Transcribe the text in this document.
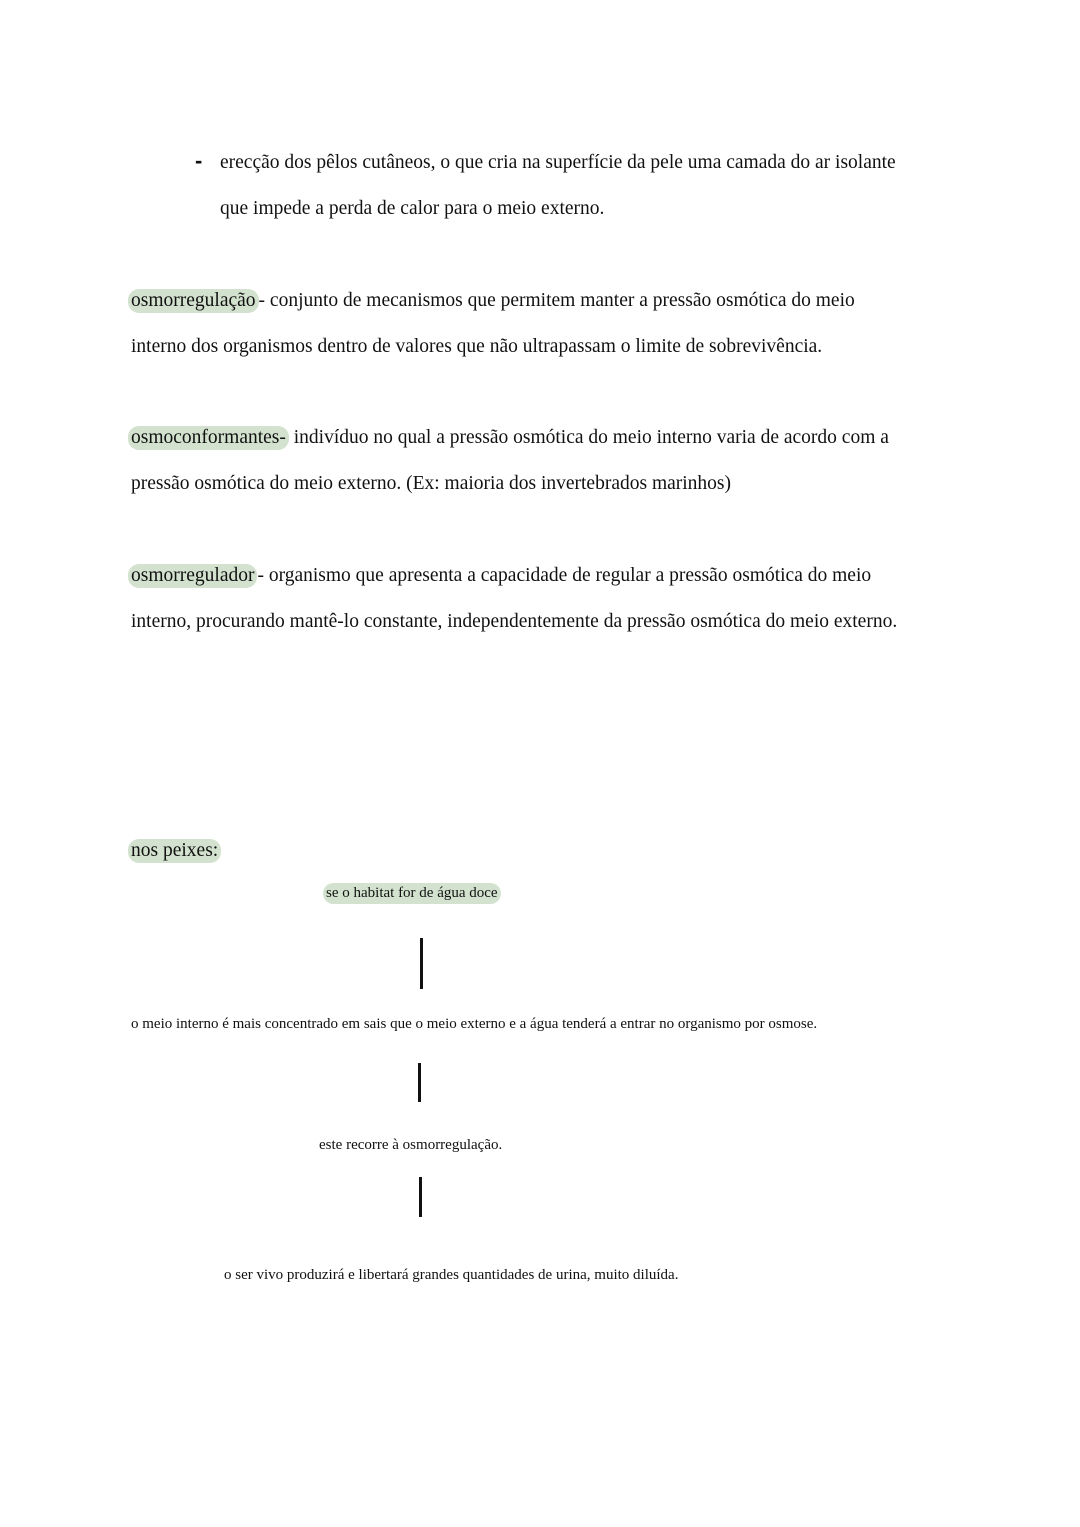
- erecção dos pêlos cutâneos, o que cria na superfície da pele uma camada do ar isolante
que impede a perda de calor para o meio externo.
osmorregulação - conjunto de mecanismos que permitem manter a pressão osmótica do meio
interno dos organismos dentro de valores que não ultrapassam o limite de sobrevivência.
osmoconformantes- indivíduo no qual a pressão osmótica do meio interno varia de acordo com a
pressão osmótica do meio externo. (Ex: maioria dos invertebrados marinhos)
osmorregulador - organismo que apresenta a capacidade de regular a pressão osmótica do meio
interno, procurando mantê-lo constante, independentemente da pressão osmótica do meio externo.
nos peixes:
se o habitat for de água doce
o meio interno é mais concentrado em sais que o meio externo e a água tenderá a entrar no organismo por osmose.
este recorre à osmorregulação.
o ser vivo produzirá e libertará grandes quantidades de urina, muito diluída.
